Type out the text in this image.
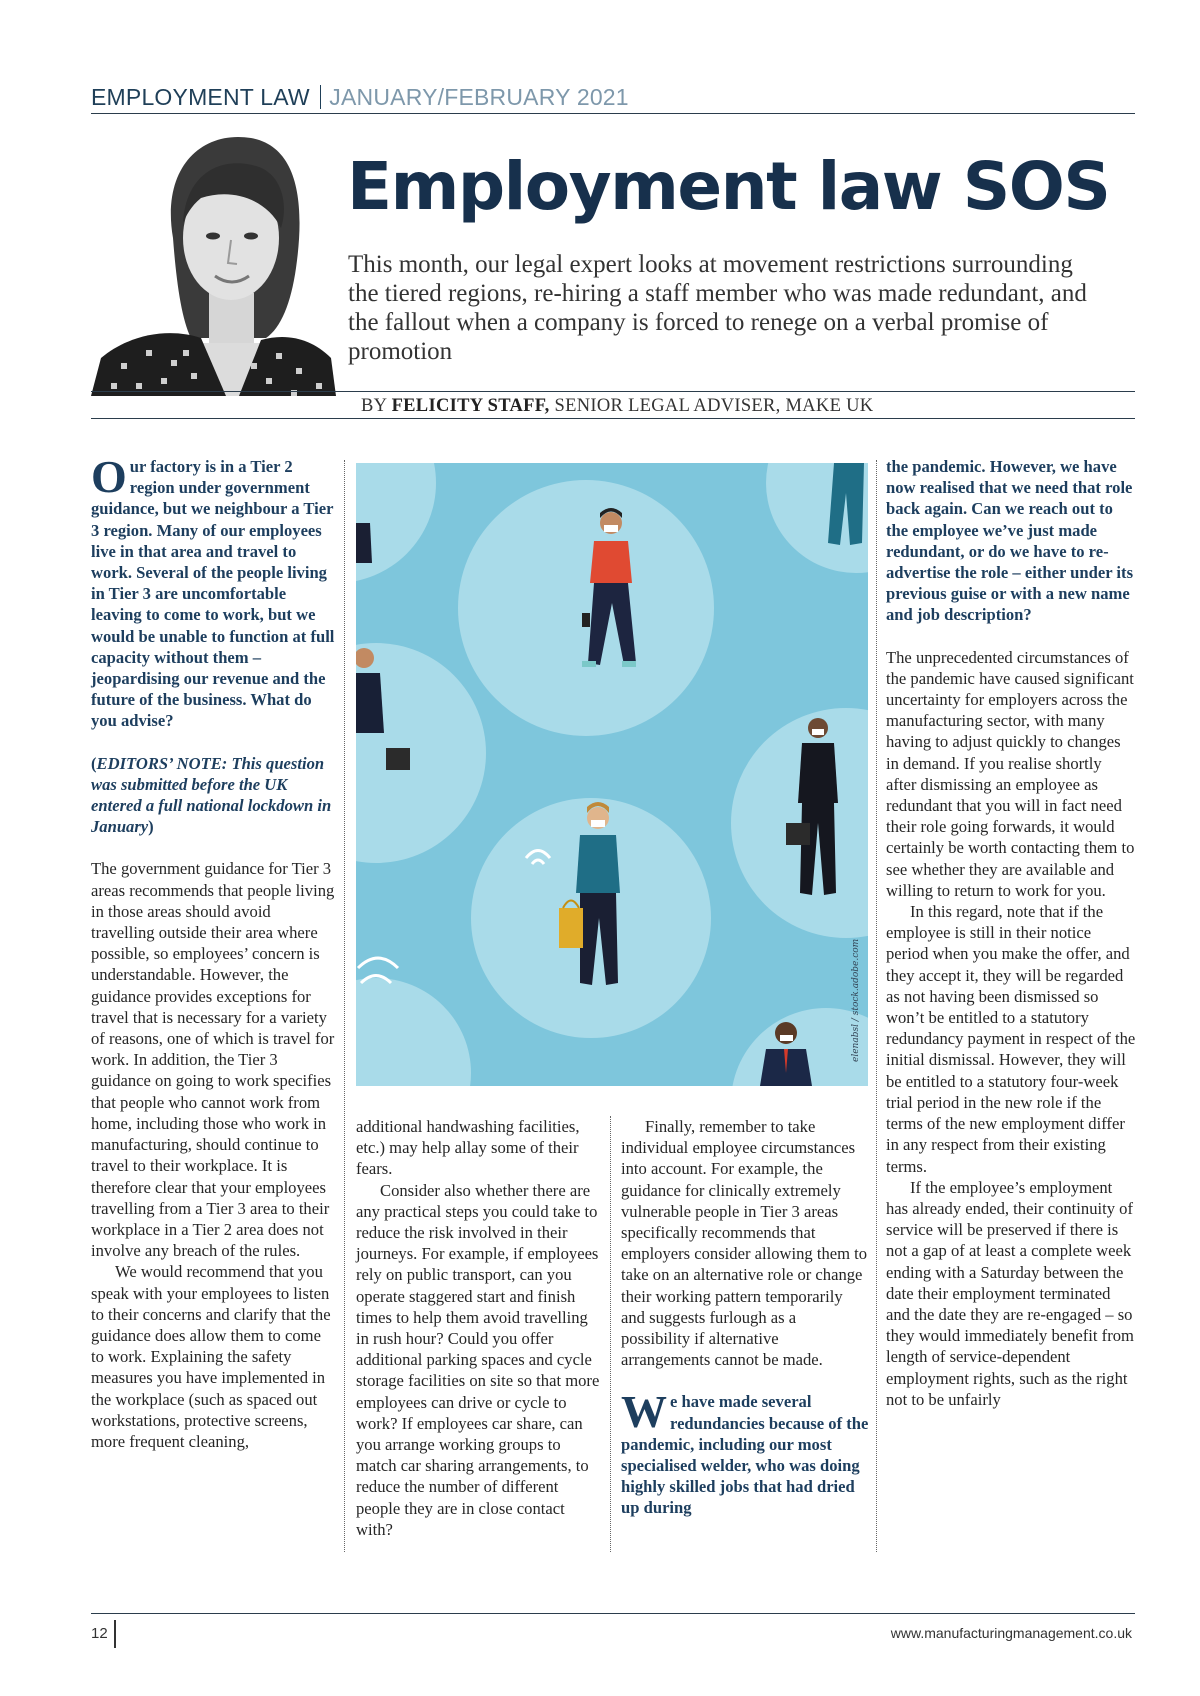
EMPLOYMENT LAW JANUARY/FEBRUARY 2021
Employment law SOS

This month, our legal expert looks at movement restrictions surrounding the tiered regions, re-hiring a staff member who was made redundant, and the fallout when a company is forced to renege on a verbal promise of promotion

BY FELICITY STAFF, SENIOR LEGAL ADVISER, MAKE UK

Our factory is in a Tier 2 region under government guidance, but we neighbour a Tier 3 region. Many of our employees live in that area and travel to work. Several of the people living in Tier 3 are uncomfortable leaving to come to work, but we would be unable to function at full capacity without them – jeopardising our revenue and the future of the business. What do you advise?

(EDITORS’ NOTE: This question was submitted before the UK entered a full national lockdown in January)

The government guidance for Tier 3 areas recommends that people living in those areas should avoid travelling outside their area where possible, so employees’ concern is understandable. However, the guidance provides exceptions for travel that is necessary for a variety of reasons, one of which is travel for work. In addition, the Tier 3 guidance on going to work specifies that people who cannot work from home, including those who work in manufacturing, should continue to travel to their workplace. It is therefore clear that your employees travelling from a Tier 3 area to their workplace in a Tier 2 area does not involve any breach of the rules.

We would recommend that you speak with your employees to listen to their concerns and clarify that the guidance does allow them to come to work. Explaining the safety measures you have implemented in the workplace (such as spaced out workstations, protective screens, more frequent cleaning,

elenabsl / stock.adobe.com

additional handwashing facilities, etc.) may help allay some of their fears.

Consider also whether there are any practical steps you could take to reduce the risk involved in their journeys. For example, if employees rely on public transport, can you operate staggered start and finish times to help them avoid travelling in rush hour? Could you offer additional parking spaces and cycle storage facilities on site so that more employees can drive or cycle to work? If employees car share, can you arrange working groups to match car sharing arrangements, to reduce the number of different people they are in close contact with?

Finally, remember to take individual employee circumstances into account. For example, the guidance for clinically extremely vulnerable people in Tier 3 areas specifically recommends that employers consider allowing them to take on an alternative role or change their working pattern temporarily and suggests furlough as a possibility if alternative arrangements cannot be made.

We have made several redundancies because of the pandemic, including our most specialised welder, who was doing highly skilled jobs that had dried up during

the pandemic. However, we have now realised that we need that role back again. Can we reach out to the employee we’ve just made redundant, or do we have to re-advertise the role – either under its previous guise or with a new name and job description?

The unprecedented circumstances of the pandemic have caused significant uncertainty for employers across the manufacturing sector, with many having to adjust quickly to changes in demand. If you realise shortly after dismissing an employee as redundant that you will in fact need their role going forwards, it would certainly be worth contacting them to see whether they are available and willing to return to work for you.

In this regard, note that if the employee is still in their notice period when you make the offer, and they accept it, they will be regarded as not having been dismissed so won’t be entitled to a statutory redundancy payment in respect of the initial dismissal. However, they will be entitled to a statutory four-week trial period in the new role if the terms of the new employment differ in any respect from their existing terms.

If the employee’s employment has already ended, their continuity of service will be preserved if there is not a gap of at least a complete week ending with a Saturday between the date their employment terminated and the date they are re-engaged – so they would immediately benefit from length of service-dependent employment rights, such as the right not to be unfairly

12	www.manufacturingmanagement.co.uk
